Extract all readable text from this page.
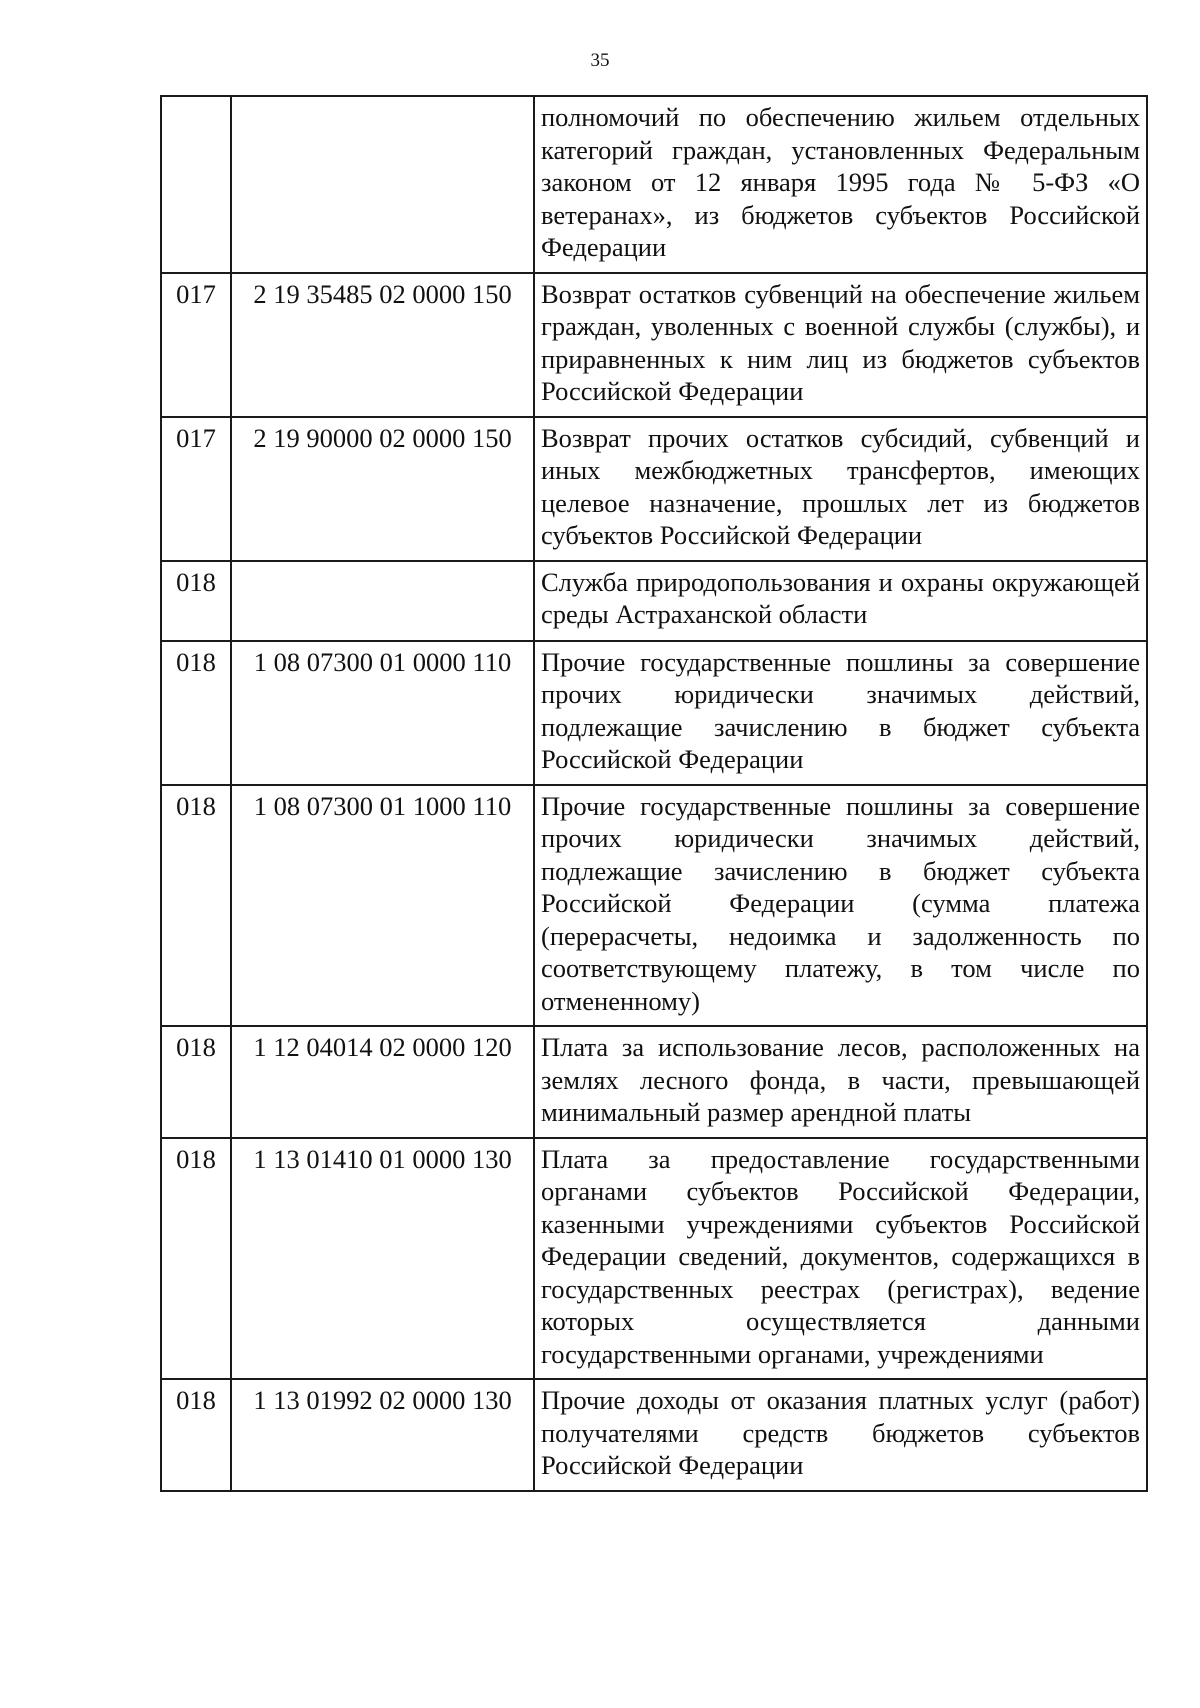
35
		полномочий по обеспечению жильем отдельных категорий граждан, установленных Федеральным законом от 12 января 1995 года № 5-ФЗ «О ветеранах», из бюджетов субъектов Российской Федерации
017	2 19 35485 02 0000 150	Возврат остатков субвенций на обеспечение жильем граждан, уволенных с военной службы (службы), и приравненных к ним лиц из бюджетов субъектов Российской Федерации
017	2 19 90000 02 0000 150	Возврат прочих остатков субсидий, субвенций и иных межбюджетных трансфертов, имеющих целевое назначение, прошлых лет из бюджетов субъектов Российской Федерации
018		Служба природопользования и охраны окружающей среды Астраханской области
018	1 08 07300 01 0000 110	Прочие государственные пошлины за совершение прочих юридически значимых действий, подлежащие зачислению в бюджет субъекта Российской Федерации
018	1 08 07300 01 1000 110	Прочие государственные пошлины за совершение прочих юридически значимых действий, подлежащие зачислению в бюджет субъекта Российской Федерации (сумма платежа (перерасчеты, недоимка и задолженность по соответствующему платежу, в том числе по отмененному)
018	1 12 04014 02 0000 120	Плата за использование лесов, расположенных на землях лесного фонда, в части, превышающей минимальный размер арендной платы
018	1 13 01410 01 0000 130	Плата за предоставление государственными органами субъектов Российской Федерации, казенными учреждениями субъектов Российской Федерации сведений, документов, содержащихся в государственных реестрах (регистрах), ведение которых осуществляется данными государственными органами, учреждениями
018	1 13 01992 02 0000 130	Прочие доходы от оказания платных услуг (работ) получателями средств бюджетов субъектов Российской Федерации
